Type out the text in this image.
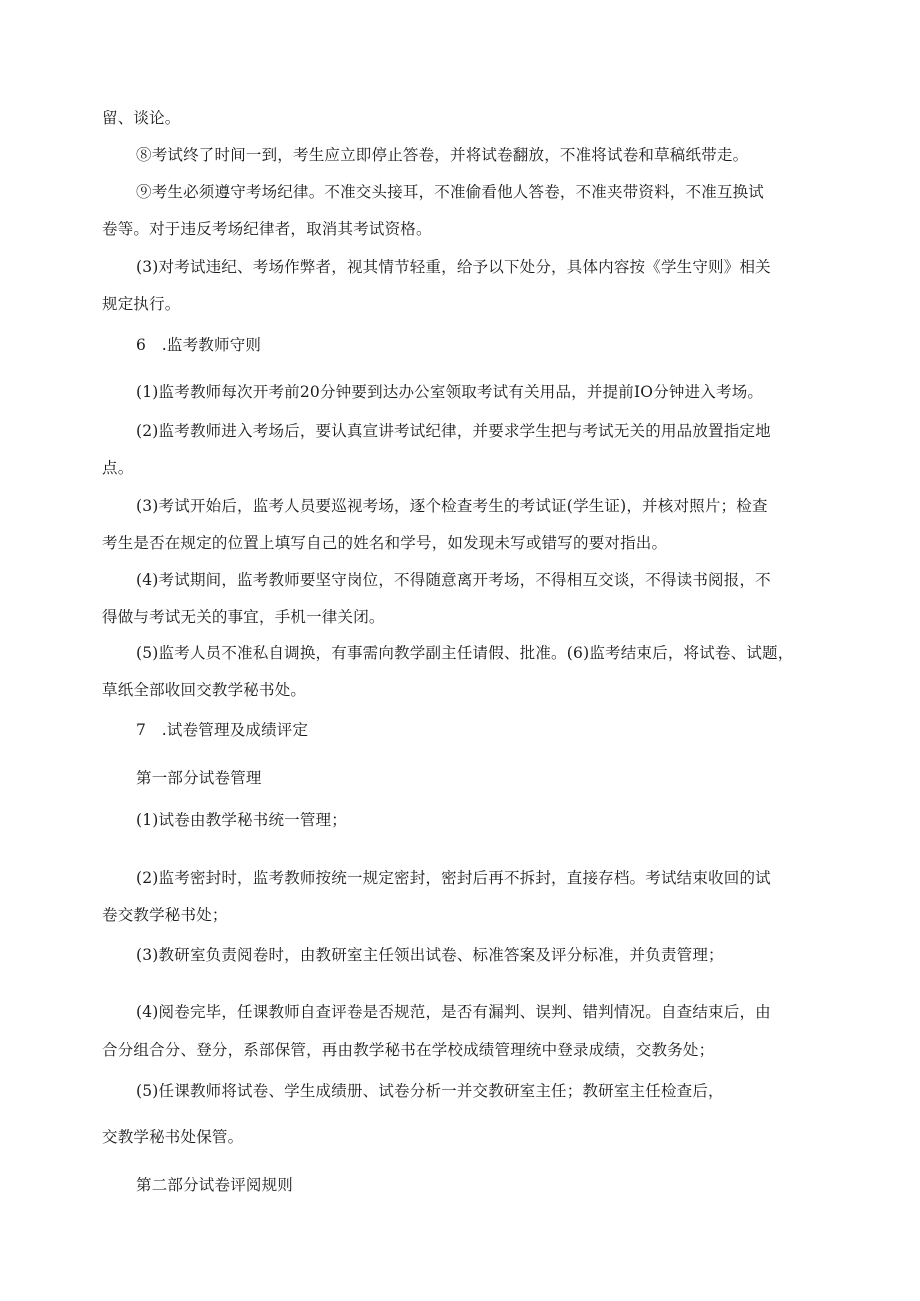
留、谈论。
⑧考试终了时间一到，考生应立即停止答卷，并将试卷翻放，不准将试卷和草稿纸带走。
⑨考生必须遵守考场纪律。不准交头接耳，不准偷看他人答卷，不准夹带资料，不准互换试
卷等。对于违反考场纪律者，取消其考试资格。
(3)对考试违纪、考场作弊者，视其情节轻重，给予以下处分，具体内容按《学生守则》相关
规定执行。
6　.监考教师守则
(1)监考教师每次开考前20分钟要到达办公室领取考试有关用品，并提前IO分钟进入考场。
(2)监考教师进入考场后，要认真宣讲考试纪律，并要求学生把与考试无关的用品放置指定地
点。
(3)考试开始后，监考人员要巡视考场，逐个检查考生的考试证(学生证)，并核对照片；检查
考生是否在规定的位置上填写自己的姓名和学号，如发现未写或错写的要对指出。
(4)考试期间，监考教师要坚守岗位，不得随意离开考场，不得相互交谈，不得读书阅报，不
得做与考试无关的事宜，手机一律关闭。
(5)监考人员不准私自调换，有事需向教学副主任请假、批准。(6)监考结束后，将试卷、试题，
草纸全部收回交教学秘书处。
7　.试卷管理及成绩评定
第一部分试卷管理
(1)试卷由教学秘书统一管理；
(2)监考密封时，监考教师按统一规定密封，密封后再不拆封，直接存档。考试结束收回的试
卷交教学秘书处；
(3)教研室负责阅卷时，由教研室主任领出试卷、标准答案及评分标准，并负责管理；
(4)阅卷完毕，任课教师自查评卷是否规范，是否有漏判、误判、错判情况。自查结束后，由
合分组合分、登分，系部保管，再由教学秘书在学校成绩管理统中登录成绩，交教务处；
(5)任课教师将试卷、学生成绩册、试卷分析一并交教研室主任；教研室主任检查后，
交教学秘书处保管。
第二部分试卷评阅规则
